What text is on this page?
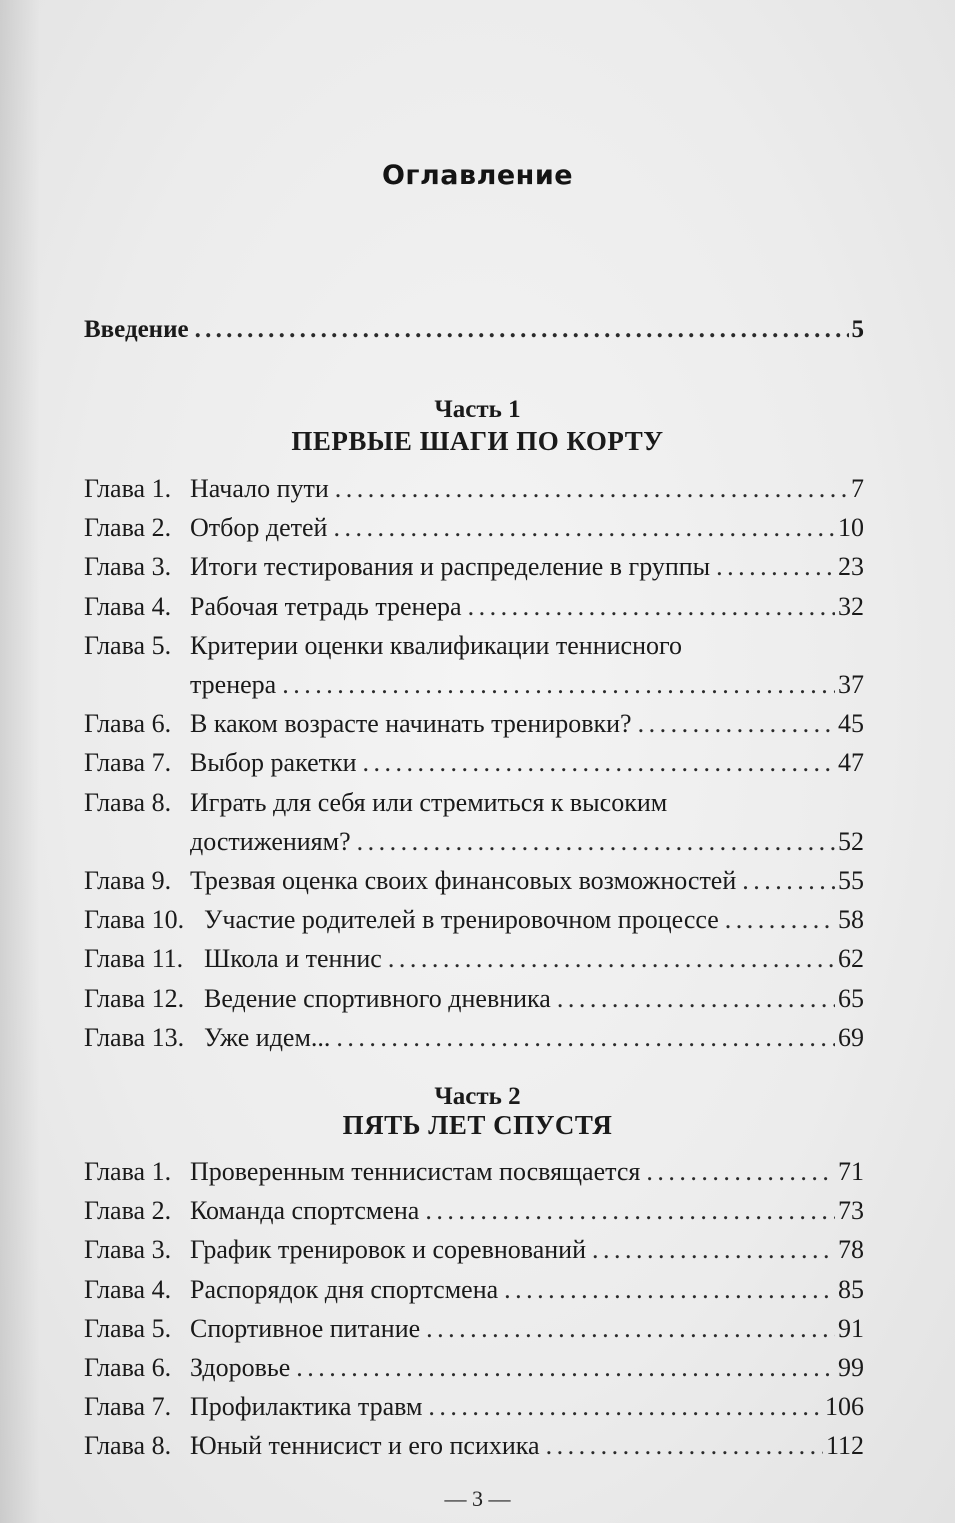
Оглавление
Введение . . .	5
Глава 1. Начало пути . . .	7
Глава 2. Отбор детей . . .	10
Глава 3. Итоги тестирования и распределение в группы . . .	23
Глава 4. Рабочая тетрадь тренера . . .	32
Глава 5. Критерии оценки квалификации теннисного
тренера . . .	37
Глава 6. В каком возрасте начинать тренировки? . . .	45
Глава 7. Выбор ракетки . . .	47
Глава 8. Играть для себя или стремиться к высоким
достижениям? . . .	52
Глава 9. Трезвая оценка своих финансовых возможностей . . .	55
Глава 10. Участие родителей в тренировочном процессе . . .	58
Глава 11. Школа и теннис . . .	62
Глава 12. Ведение спортивного дневника . . .	65
Глава 13. Уже идем... . . .	69
Глава 1. Проверенным теннисистам посвящается . . .	71
Глава 2. Команда спортсмена . . .	73
Глава 3. График тренировок и соревнований . . .	78
Глава 4. Распорядок дня спортсмена . . .	85
Глава 5. Спортивное питание . . .	91
Глава 6. Здоровье . . .	99
Глава 7. Профилактика травм . . .	106
Глава 8. Юный теннисист и его психика . . .	112
Часть 1
ПЕРВЫЕ ШАГИ ПО КОРТУ
Часть 2
ПЯТЬ ЛЕТ СПУСТЯ
— 3 —
